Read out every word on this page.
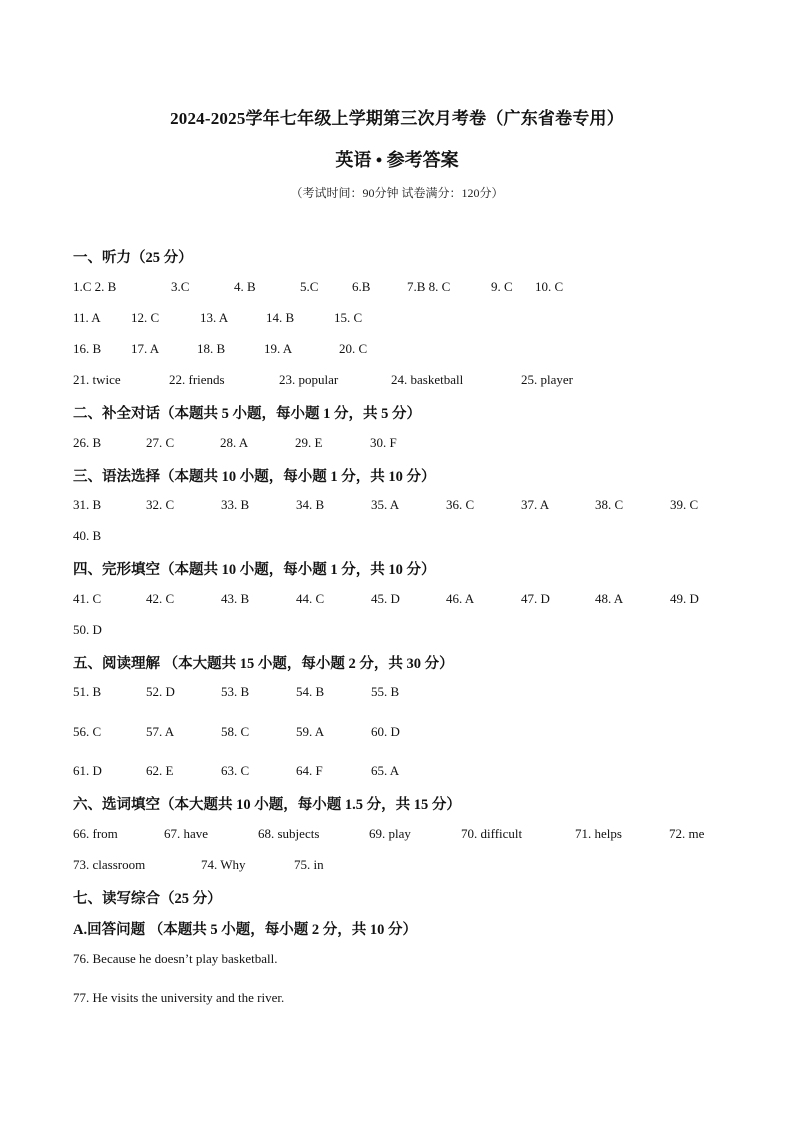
2024-2025学年七年级上学期第三次月考卷（广东省卷专用）
英语 • 参考答案
（考试时间：90分钟 试卷满分：120分）
一、听力（25 分）
1.C 2. B	3.C	4. B	5.C	6.B	7.B 8. C	9. C 10. C
11. A 12. C	13. A	14. B	15. C
16. B 17. A	18. B	19. A	20. C
21. twice	22. friends	23. popular	24. basketball	25. player
二、补全对话（本题共 5 小题，每小题 1 分，共 5 分）
26. B	27. C	28. A	29. E	30. F
三、语法选择（本题共 10 小题，每小题 1 分，共 10 分）
31. B	32. C	33. B	34. B	35. A	36. C	37. A	38. C	39. C
40. B
四、完形填空（本题共 10 小题，每小题 1 分，共 10 分）
41. C	42. C	43. B	44. C	45. D	46. A	47. D	48. A	49. D
50. D
五、阅读理解 （本大题共 15 小题，每小题 2 分，共 30 分）
51. B	52. D	53. B	54. B	55. B
56. C	57. A	58. C	59. A	60. D
61. D	62. E	63. C	64. F	65. A
六、选词填空（本大题共 10 小题，每小题 1.5 分，共 15 分）
66. from	67. have	68. subjects	69. play	70. difficult	71. helps	72. me
73. classroom	74. Why	75. in
七、读写综合（25 分）
A.回答问题 （本题共 5 小题，每小题 2 分，共 10 分）
76. Because he doesn’t play basketball.
77. He visits the university and the river.
